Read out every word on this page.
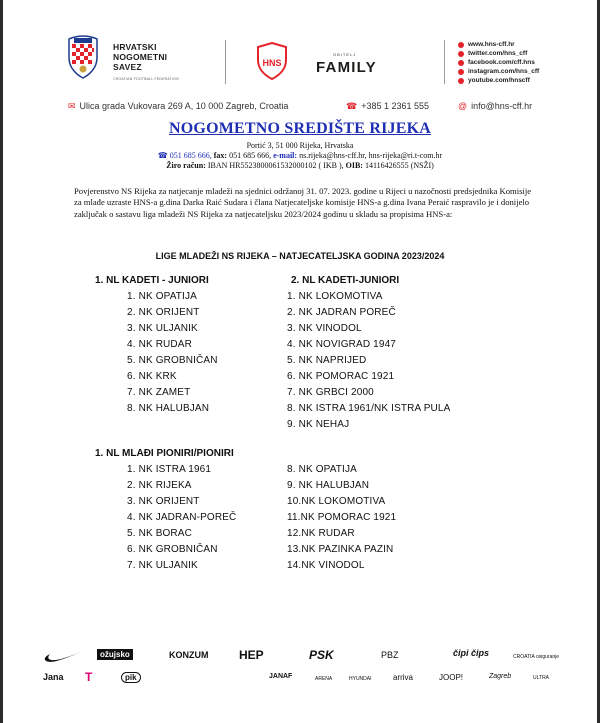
HRVATSKI
NOGOMETNI
SAVEZ
CROATIAN FOOTBALL FEDERATION
HNS
OBITELJ
FAMILY
www.hns-cff.hr
twitter.com/hns_cff
facebook.com/cff.hns
instagram.com/hns_cff
youtube.com/hnscff
✉ Ulica grada Vukovara 269 A, 10 000 Zagreb, Croatia	☎ +385 1 2361 555	@ info@hns-cff.hr
NOGOMETNO SREDIŠTE RIJEKA
Portić 3, 51 000 Rijeka, Hrvatska
☎ 051 685 666, fax: 051 685 666, e-mail: ns.rijeka@hns-cff.hr, hns-rijeka@ri.t-com.hr
Žiro račun: IBAN HR5523800061532000102 ( IKB ), OIB: 14116426555 (NSŽI)
Povjerenstvo NS Rijeka za natjecanje mladeži na sjednici održanoj 31. 07. 2023. godine u Rijeci u nazočnosti predsjednika Komisije za mlađe uzraste HNS-a g.dina Darka Raić Sudara i člana Natjecateljske komisije HNS-a g.dina Ivana Peraić raspravilo je i donijelo zaključak o sastavu liga mladeži NS Rijeka za natjecateljsku 2023/2024 godinu u skladu sa propisima HNS-a:
LIGE MLADEŽI NS RIJEKA – NATJECATELJSKA GODINA 2023/2024
1. NL KADETI - JUNIORI
1. NK OPATIJA
2. NK ORIJENT
3. NK ULJANIK
4. NK RUDAR
5. NK GROBNIČAN
6. NK KRK
7. NK ZAMET
8. NK HALUBJAN
2. NL KADETI-JUNIORI
1. NK LOKOMOTIVA
2. NK JADRAN POREČ
3. NK VINODOL
4. NK NOVIGRAD 1947
5. NK NAPRIJED
6. NK POMORAC 1921
7. NK GRBCI 2000
8. NK ISTRA 1961/NK ISTRA PULA
9. NK NEHAJ
1. NL MLAĐI PIONIRI/PIONIRI
1. NK ISTRA 1961
2. NK RIJEKA
3. NK ORIJENT
4. NK JADRAN-POREČ
5. NK BORAC
6. NK GROBNIČAN
7. NK ULJANIK
8. NK OPATIJA
9. NK HALUBJAN
10.NK LOKOMOTIVA
11.NK POMORAC 1921
12.NK RUDAR
13.NK PAZINKA PAZIN
14.NK VINODOL
ožujsko	KONZUM	HEP	PSK	PBZ	čipi čips	CROATIA osiguranje
Jana T	pik	JANAF	ARENA	HYUNDAI	arriva	JOOP!	Zagreb	ULTRA
